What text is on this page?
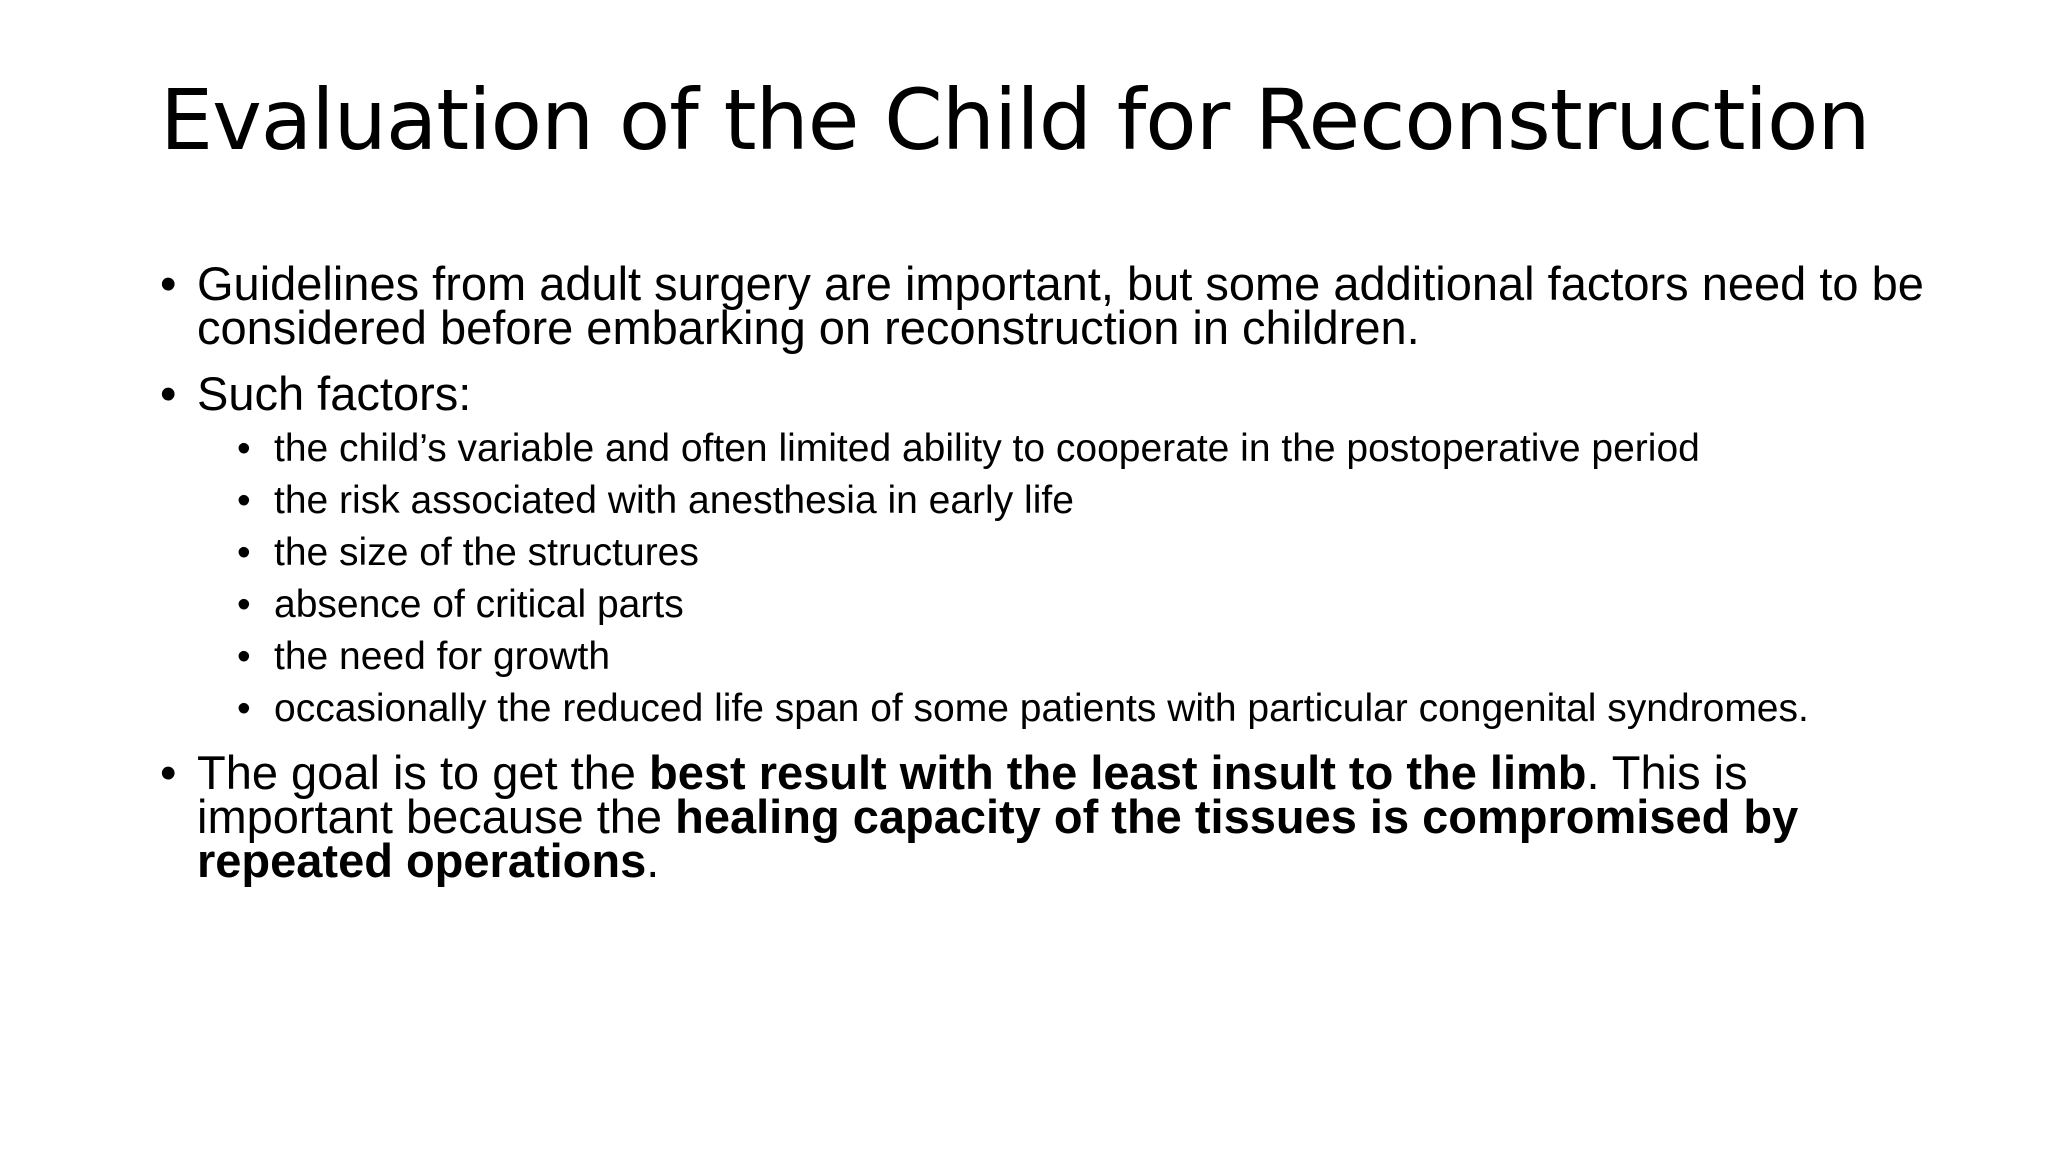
Evaluation of the Child for Reconstruction
• Guidelines from adult surgery are important, but some additional factors need to be considered before embarking on reconstruction in children.
• Such factors:
• the child’s variable and often limited ability to cooperate in the postoperative period
• the risk associated with anesthesia in early life
• the size of the structures
• absence of critical parts
• the need for growth
• occasionally the reduced life span of some patients with particular congenital syndromes.
• The goal is to get the best result with the least insult to the limb. This is important because the healing capacity of the tissues is compromised by repeated operations.
